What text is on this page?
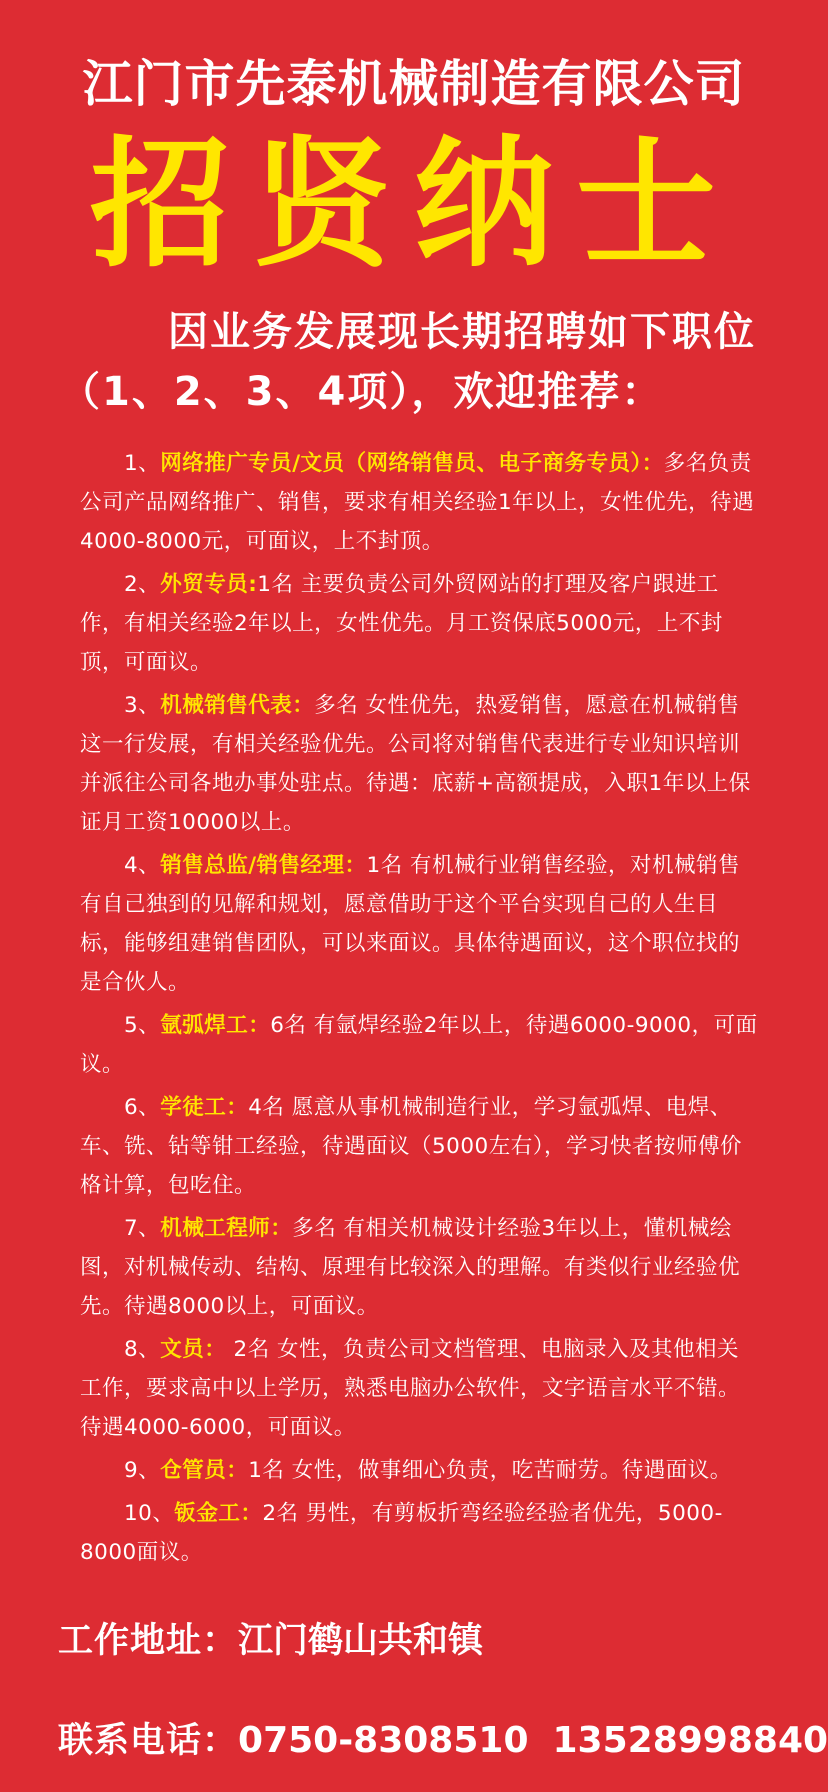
江门市先泰机械制造有限公司
招贤纳士
因业务发展现长期招聘如下职位（1、2、3、4项），欢迎推荐：
1、网络推广专员/文员（网络销售员、电子商务专员）：多名负责公司产品网络推广、销售，要求有相关经验1年以上，女性优先，待遇4000-8000元，可面议，上不封顶。
2、外贸专员:1名 主要负责公司外贸网站的打理及客户跟进工作，有相关经验2年以上，女性优先。月工资保底5000元，上不封顶，可面议。
3、机械销售代表：多名 女性优先，热爱销售，愿意在机械销售这一行发展，有相关经验优先。公司将对销售代表进行专业知识培训并派往公司各地办事处驻点。待遇：底薪+高额提成，入职1年以上保证月工资10000以上。
4、销售总监/销售经理：1名 有机械行业销售经验，对机械销售有自己独到的见解和规划，愿意借助于这个平台实现自己的人生目标，能够组建销售团队，可以来面议。具体待遇面议，这个职位找的是合伙人。
5、氩弧焊工：6名 有氩焊经验2年以上，待遇6000-9000，可面议。
6、学徒工：4名 愿意从事机械制造行业，学习氩弧焊、电焊、车、铣、钻等钳工经验，待遇面议（5000左右），学习快者按师傅价格计算，包吃住。
7、机械工程师：多名 有相关机械设计经验3年以上，懂机械绘图，对机械传动、结构、原理有比较深入的理解。有类似行业经验优先。待遇8000以上，可面议。
8、文员： 2名 女性，负责公司文档管理、电脑录入及其他相关工作，要求高中以上学历，熟悉电脑办公软件，文字语言水平不错。待遇4000-6000，可面议。
9、仓管员：1名 女性，做事细心负责，吃苦耐劳。待遇面议。
10、钣金工：2名 男性，有剪板折弯经验经验者优先，5000-8000面议。
工作地址：江门鹤山共和镇
联系电话：0750-8308510 13528998840
